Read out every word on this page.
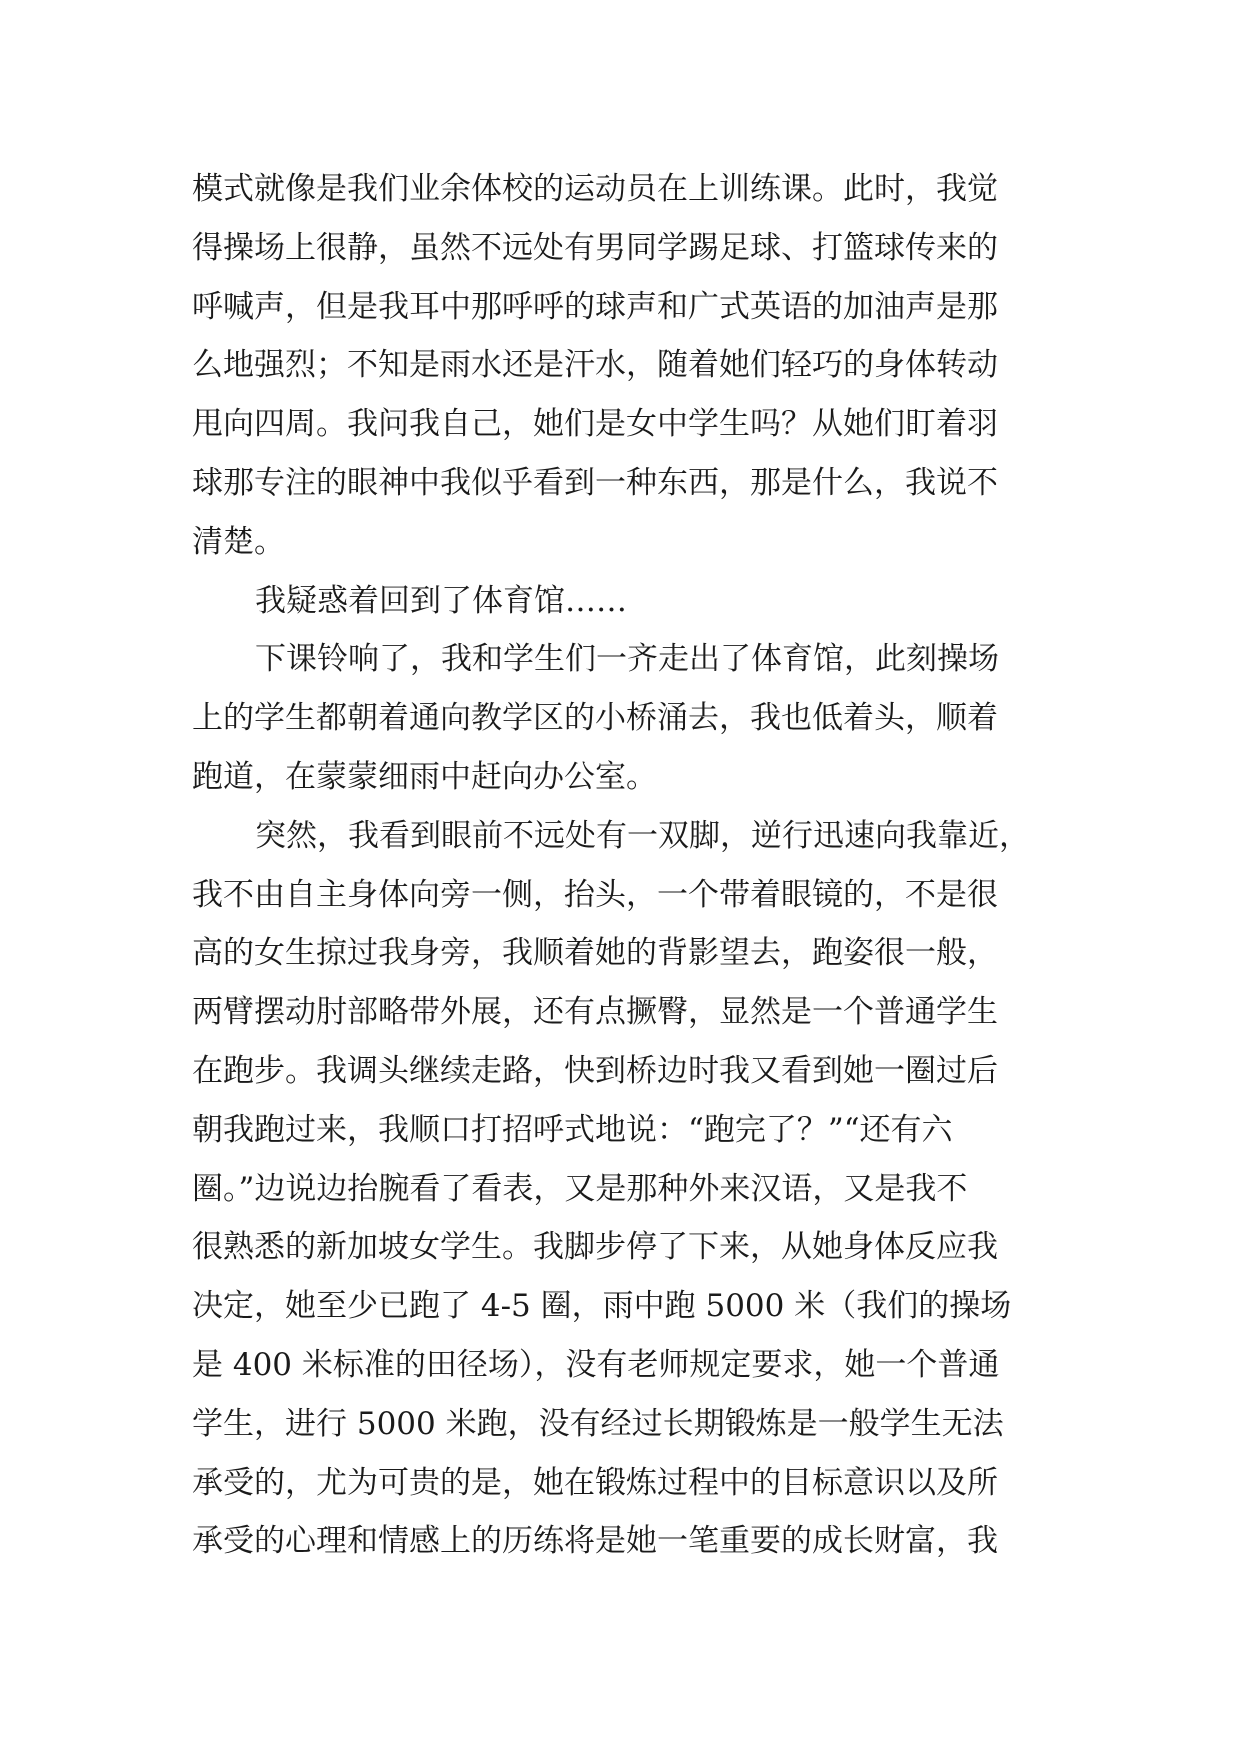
模式就像是我们业余体校的运动员在上训练课。此时，我觉
得操场上很静，虽然不远处有男同学踢足球、打篮球传来的
呼喊声，但是我耳中那呼呼的球声和广式英语的加油声是那
么地强烈；不知是雨水还是汗水，随着她们轻巧的身体转动
甩向四周。我问我自己，她们是女中学生吗？从她们盯着羽
球那专注的眼神中我似乎看到一种东西，那是什么，我说不
清楚。
我疑惑着回到了体育馆……
下课铃响了，我和学生们一齐走出了体育馆，此刻操场
上的学生都朝着通向教学区的小桥涌去，我也低着头，顺着
跑道，在蒙蒙细雨中赶向办公室。
突然，我看到眼前不远处有一双脚，逆行迅速向我靠近，
我不由自主身体向旁一侧，抬头，一个带着眼镜的，不是很
高的女生掠过我身旁，我顺着她的背影望去，跑姿很一般，
两臂摆动肘部略带外展，还有点撅臀，显然是一个普通学生
在跑步。我调头继续走路，快到桥边时我又看到她一圈过后
朝我跑过来，我顺口打招呼式地说：“跑完了？”“还有六
圈。”边说边抬腕看了看表，又是那种外来汉语，又是我不
很熟悉的新加坡女学生。我脚步停了下来，从她身体反应我
决定，她至少已跑了 4-5 圈，雨中跑 5000 米（我们的操场
是 400 米标准的田径场），没有老师规定要求，她一个普通
学生，进行 5000 米跑，没有经过长期锻炼是一般学生无法
承受的，尤为可贵的是，她在锻炼过程中的目标意识以及所
承受的心理和情感上的历练将是她一笔重要的成长财富，我
